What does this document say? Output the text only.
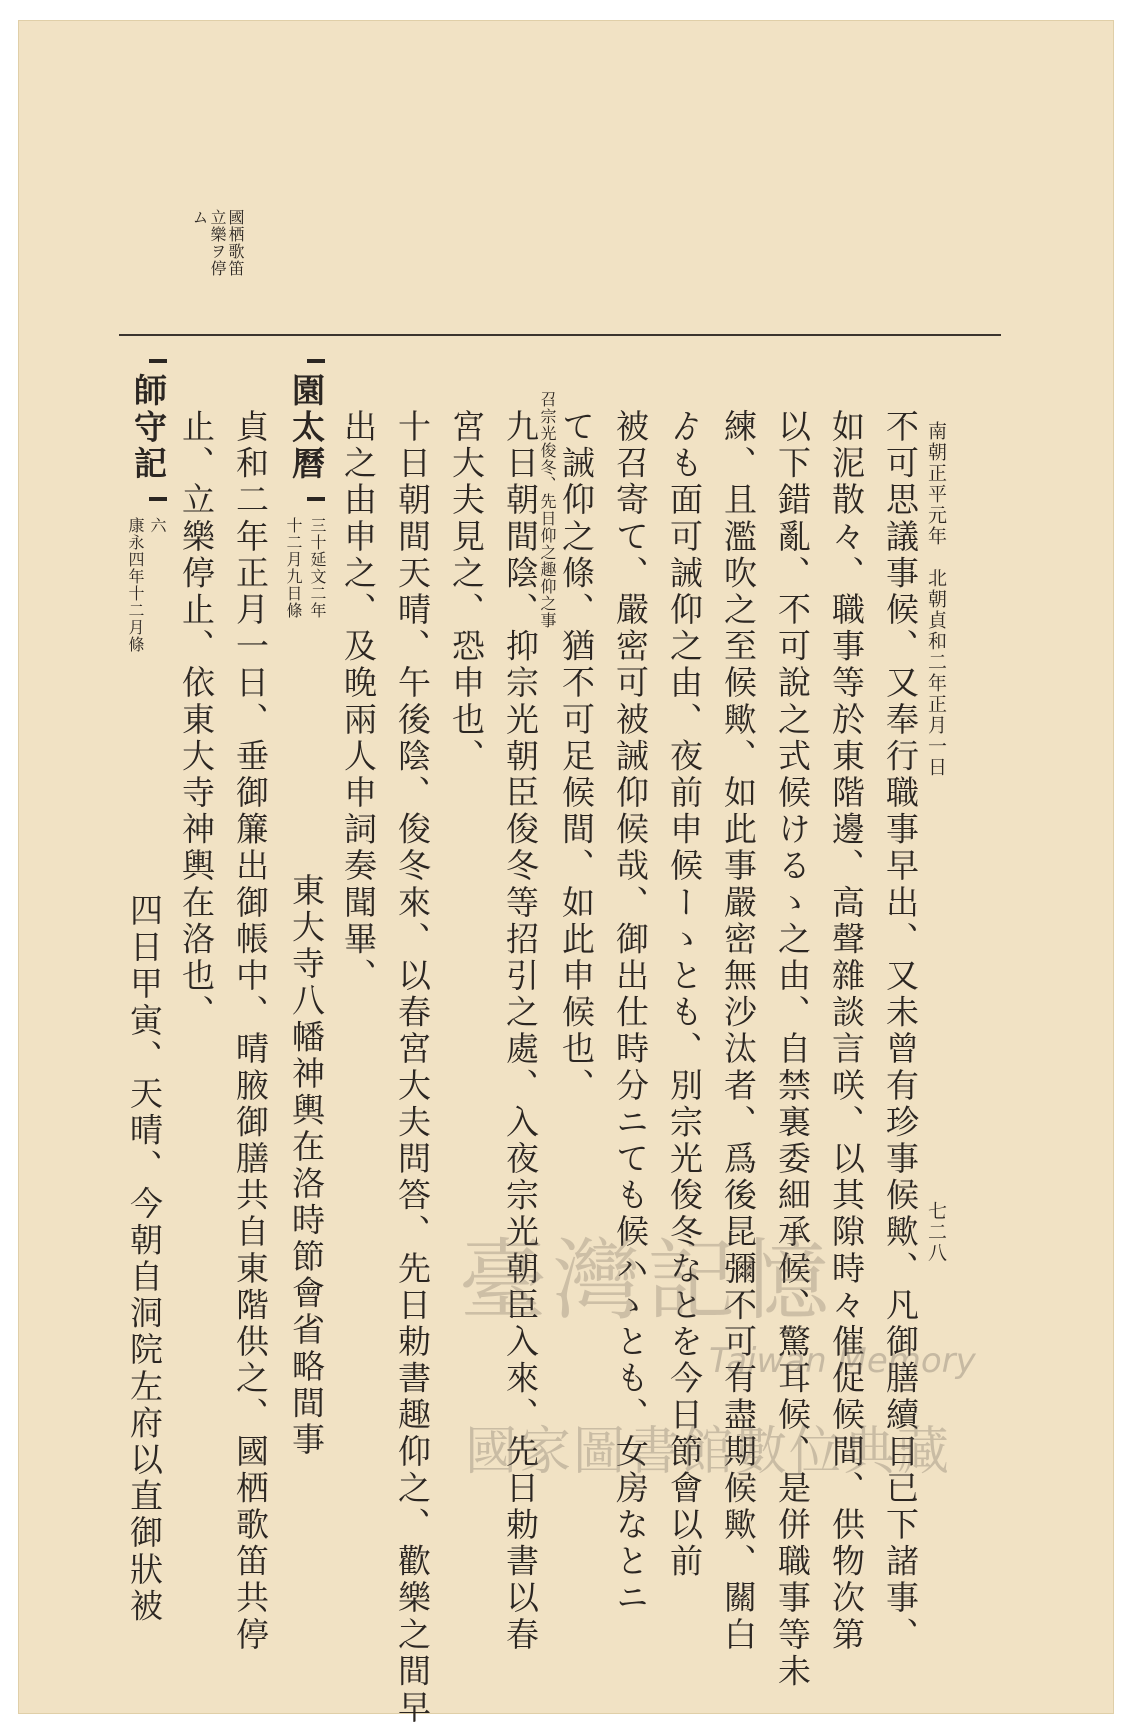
南朝正平元年　北朝貞和二年正月一日
七二八
國栖歌笛
立樂ヲ停
ム
不可思議事候、又奉行職事早出、又未曾有珍事候歟、凡御膳續目已下諸事、
如泥散々、職事等於東階邊、高聲雜談言咲、以其隙時々催促候間、供物次第
以下錯亂、不可說之式候けるゝ之由、自禁裏委細承候、驚耳候、是併職事等未
練、且濫吹之至候歟、如此事嚴密無沙汰者、爲後昆彌不可有盡期候歟、關白
ゟも面可誡仰之由、夜前申候ーゝとも、別宗光俊冬なとを今日節會以前
被召寄て、嚴密可被誡仰候哉、御出仕時分ニても候ハゝとも、女房なとニ
て誡仰之條、猶不可足候間、如此申候也、
召宗光俊冬、先日仰之趣仰之事
九日朝間陰、抑宗光朝臣俊冬等招引之處、入夜宗光朝臣入來、先日勅書以春
宮大夫見之、恐申也、
十日朝間天晴、午後陰、俊冬來、以春宮大夫問答、先日勅書趣仰之、歡樂之間早
出之由申之、及晚兩人申詞奏聞畢、
園太曆
三十延文二年
十二月九日條
東大寺八幡神輿在洛時節會省略間事
貞和二年正月一日、垂御簾出御帳中、晴腋御膳共自東階供之、國栖歌笛共停
止、立樂停止、依東大寺神輿在洛也、
師守記
六
康永四年十二月條
四日甲寅、天晴、今朝自洞院左府以直御狀被	臺灣記憶
Taiwan Memory
國家圖書館數位典藏
